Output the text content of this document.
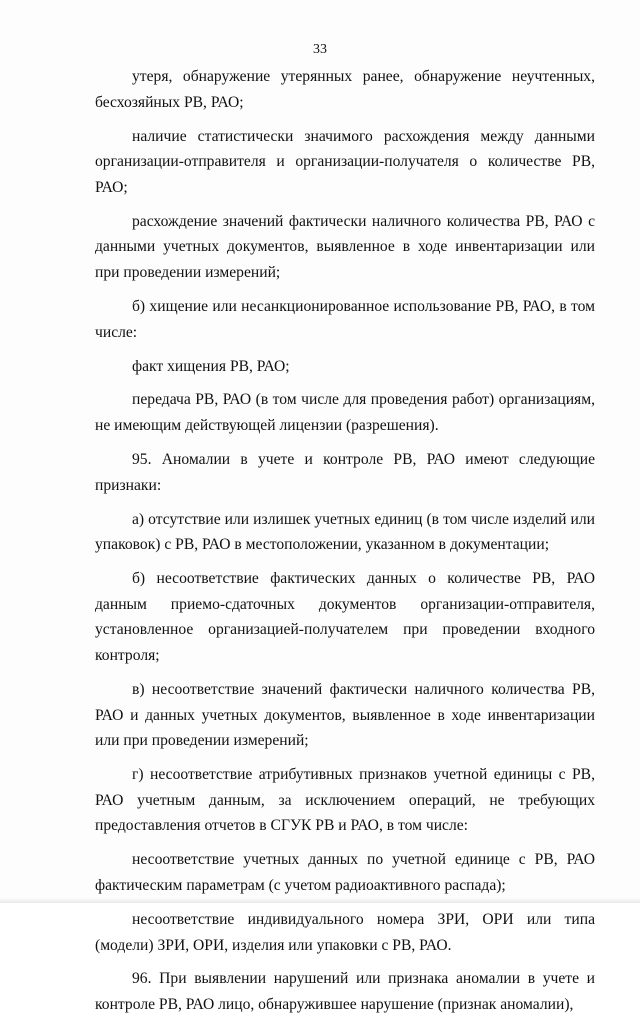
33

утеря, обнаружение утерянных ранее, обнаружение неучтенных, бесхозяйных РВ, РАО;

наличие статистически значимого расхождения между данными организации-отправителя и организации-получателя о количестве РВ, РАО;

расхождение значений фактически наличного количества РВ, РАО с данными учетных документов, выявленное в ходе инвентаризации или при проведении измерений;

б) хищение или несанкционированное использование РВ, РАО, в том числе:

факт хищения РВ, РАО;

передача РВ, РАО (в том числе для проведения работ) организациям, не имеющим действующей лицензии (разрешения).

95. Аномалии в учете и контроле РВ, РАО имеют следующие признаки:

а) отсутствие или излишек учетных единиц (в том числе изделий или упаковок) с РВ, РАО в местоположении, указанном в документации;

б) несоответствие фактических данных о количестве РВ, РАО данным приемо-сдаточных документов организации-отправителя, установленное организацией-получателем при проведении входного контроля;

в) несоответствие значений фактически наличного количества РВ, РАО и данных учетных документов, выявленное в ходе инвентаризации или при проведении измерений;

г) несоответствие атрибутивных признаков учетной единицы с РВ, РАО учетным данным, за исключением операций, не требующих предоставления отчетов в СГУК РВ и РАО, в том числе:

несоответствие учетных данных по учетной единице с РВ, РАО фактическим параметрам (с учетом радиоактивного распада);

несоответствие индивидуального номера ЗРИ, ОРИ или типа (модели) ЗРИ, ОРИ, изделия или упаковки с РВ, РАО.

96. При выявлении нарушений или признака аномалии в учете и контроле РВ, РАО лицо, обнаружившее нарушение (признак аномалии),
